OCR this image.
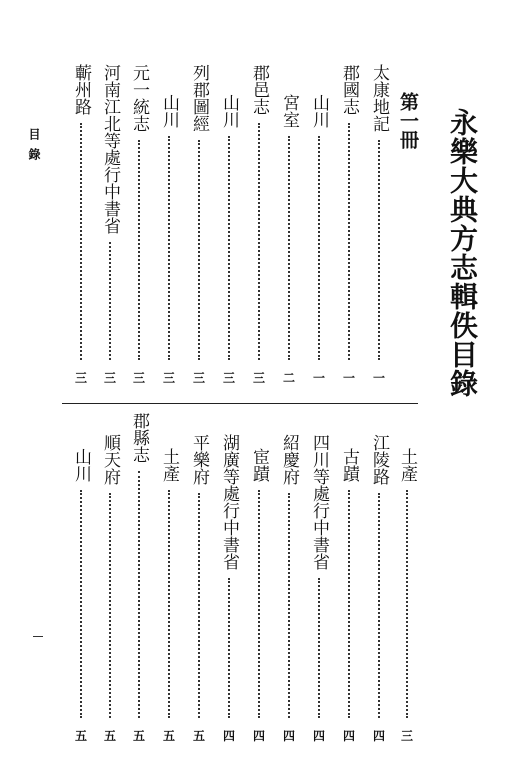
永樂大典方志輯佚目錄
目錄	第一冊
太康地記
一
郡國志
一
山川
一
宮室
二
郡邑志
三
山川
三
列郡圖經
三
山川
三
元一統志
三
河南江北等處行中書省
三
蘄州路
三
土產
三
江陵路
四
古蹟
四
四川等處行中書省
四
紹慶府
四
宦蹟
四
湖廣等處行中書省
四
平樂府
五
土產
五
郡縣志
五
順天府
五
山川
五
